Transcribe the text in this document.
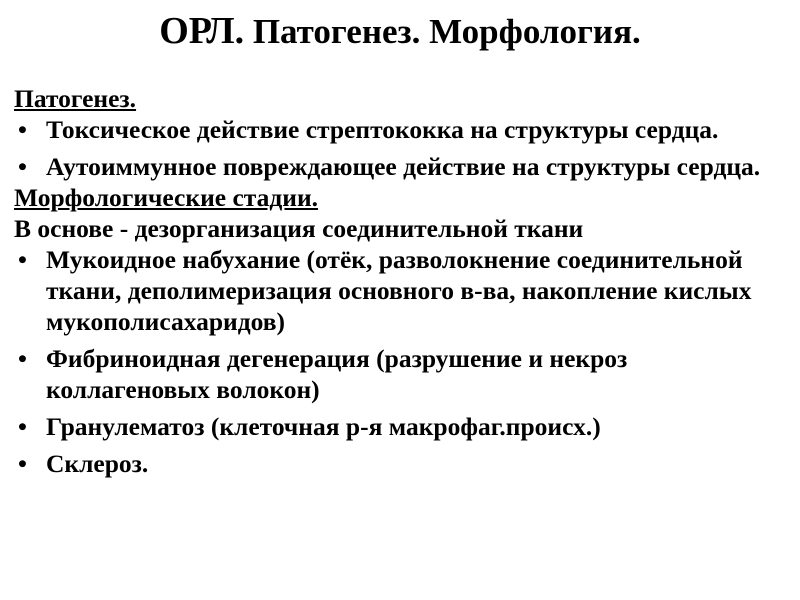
ОРЛ. Патогенез. Морфология.
Патогенез.
• Токсическое действие стрептококка на структуры сердца.
• Аутоиммунное повреждающее действие на структуры сердца.
Морфологические стадии.
В основе - дезорганизация соединительной ткани
• Мукоидное набухание (отёк, разволокнение соединительной ткани, деполимеризация основного в-ва, накопление кислых мукополисахаридов)
• Фибриноидная дегенерация (разрушение и некроз коллагеновых волокон)
• Гранулематоз (клеточная р-я макрофаг.происх.)
• Склероз.
